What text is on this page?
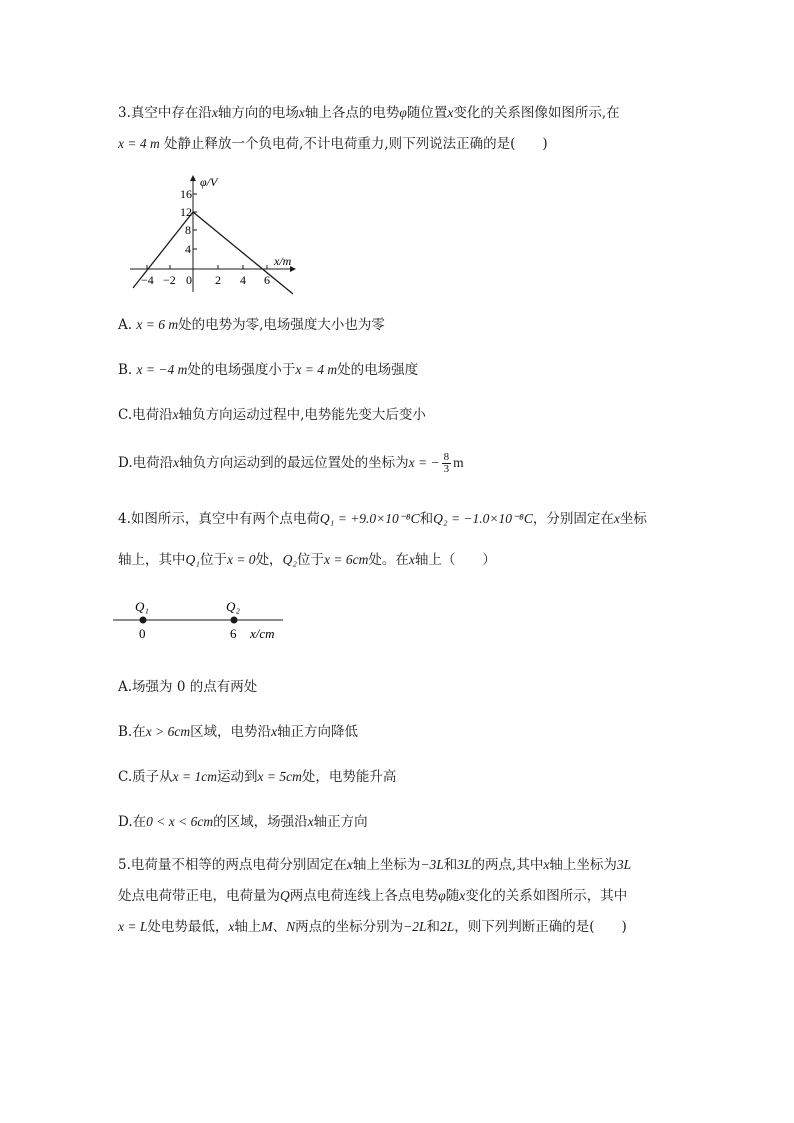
3.真空中存在沿x轴方向的电场x轴上各点的电势φ随位置x变化的关系图像如图所示,在
x = 4 m 处静止释放一个负电荷,不计电荷重力,则下列说法正确的是(　　)
φ/V
x/m
16
12
8
4
−4 −2 0 2 4 6
A. x = 6 m处的电势为零,电场强度大小也为零
B. x = −4 m处的电场强度小于x = 4 m处的电场强度
C.电荷沿x轴负方向运动过程中,电势能先变大后变小
D.电荷沿x轴负方向运动到的最远位置处的坐标为x = − $\frac{8}{3}$ m
4.如图所示，真空中有两个点电荷Q₁ = +9.0×10⁻⁸C和Q₂ = −1.0×10⁻⁸C，分别固定在x坐标
轴上，其中Q₁位于x = 0处，Q₂位于x = 6cm处。在x轴上（　　）
Q₁	Q₂
0	6 x/cm
A.场强为 0 的点有两处
B.在x > 6cm区域，电势沿x轴正方向降低
C.质子从x = 1cm运动到x = 5cm处，电势能升高
D.在0 < x < 6cm的区域，场强沿x轴正方向
5.电荷量不相等的两点电荷分别固定在x轴上坐标为−3L和3L的两点,其中x轴上坐标为3L
处点电荷带正电，电荷量为Q两点电荷连线上各点电势φ随x变化的关系如图所示，其中
x = L处电势最低，x轴上M、N两点的坐标分别为−2L和2L，则下列判断正确的是(　　)
